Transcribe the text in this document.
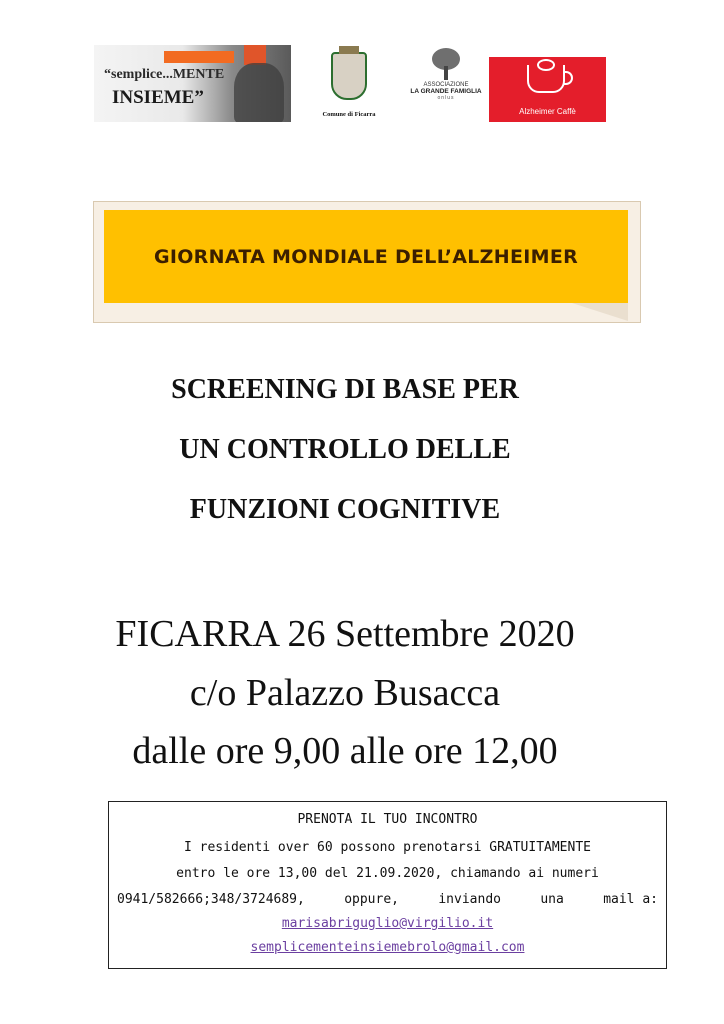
“semplice...MENTE
INSIEME”
Comune di Ficarra
ASSOCIAZIONE
LA GRANDE FAMIGLIA
onlus
Alzheimer Caffè
GIORNATA MONDIALE DELL’ALZHEIMER
SCREENING DI BASE PER
UN CONTROLLO DELLE
FUNZIONI COGNITIVE
FICARRA 26 Settembre 2020
c/o Palazzo Busacca
dalle ore 9,00 alle ore 12,00
PRENOTA IL TUO INCONTRO
I residenti over 60 possono prenotarsi GRATUITAMENTE
entro le ore 13,00 del 21.09.2020, chiamando ai numeri
0941/582666;348/3724689,	oppure,	inviando	una	mail a:
marisabriguglio@virgilio.it
semplicementeinsiemebrolo@gmail.com
